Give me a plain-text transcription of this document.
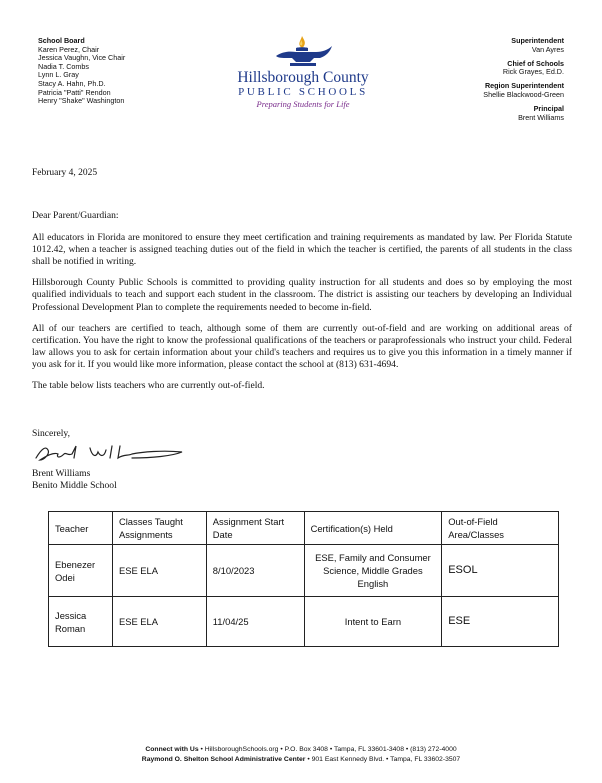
School Board
Karen Perez, Chair
Jessica Vaughn, Vice Chair
Nadia T. Combs
Lynn L. Gray
Stacy A. Hahn, Ph.D.
Patricia "Patti" Rendon
Henry "Shake" Washington
Hillsborough County
PUBLIC SCHOOLS
Preparing Students for Life
Superintendent
Van Ayres
Chief of Schools
Rick Grayes, Ed.D.
Region Superintendent
Shellie Blackwood-Green
Principal
Brent Williams
February 4, 2025

Dear Parent/Guardian:

All educators in Florida are monitored to ensure they meet certification and training requirements as mandated by law. Per Florida Statute 1012.42, when a teacher is assigned teaching duties out of the field in which the teacher is certified, the parents of all students in the class shall be notified in writing.

Hillsborough County Public Schools is committed to providing quality instruction for all students and does so by employing the most qualified individuals to teach and support each student in the classroom. The district is assisting our teachers by developing an Individual Professional Development Plan to complete the requirements needed to become in-field.

All of our teachers are certified to teach, although some of them are currently out-of-field and are working on additional areas of certification. You have the right to know the professional qualifications of the teachers or paraprofessionals who instruct your child. Federal law allows you to ask for certain information about your child's teachers and requires us to give you this information in a timely manner if you ask for it. If you would like more information, please contact the school at (813) 631-4694.

The table below lists teachers who are currently out-of-field.

Sincerely,
Brent Williams
Benito Middle School
Teacher	Classes Taught Assignments	Assignment Start Date	Certification(s) Held	Out-of-Field Area/Classes
Ebenezer Odei	ESE ELA	8/10/2023	ESE, Family and Consumer Science, Middle Grades English	ESOL
Jessica Roman	ESE ELA	11/04/25	Intent to Earn	ESE
Connect with Us • HillsboroughSchools.org • P.O. Box 3408 • Tampa, FL 33601-3408 • (813) 272-4000
Raymond O. Shelton School Administrative Center • 901 East Kennedy Blvd. • Tampa, FL 33602-3507
